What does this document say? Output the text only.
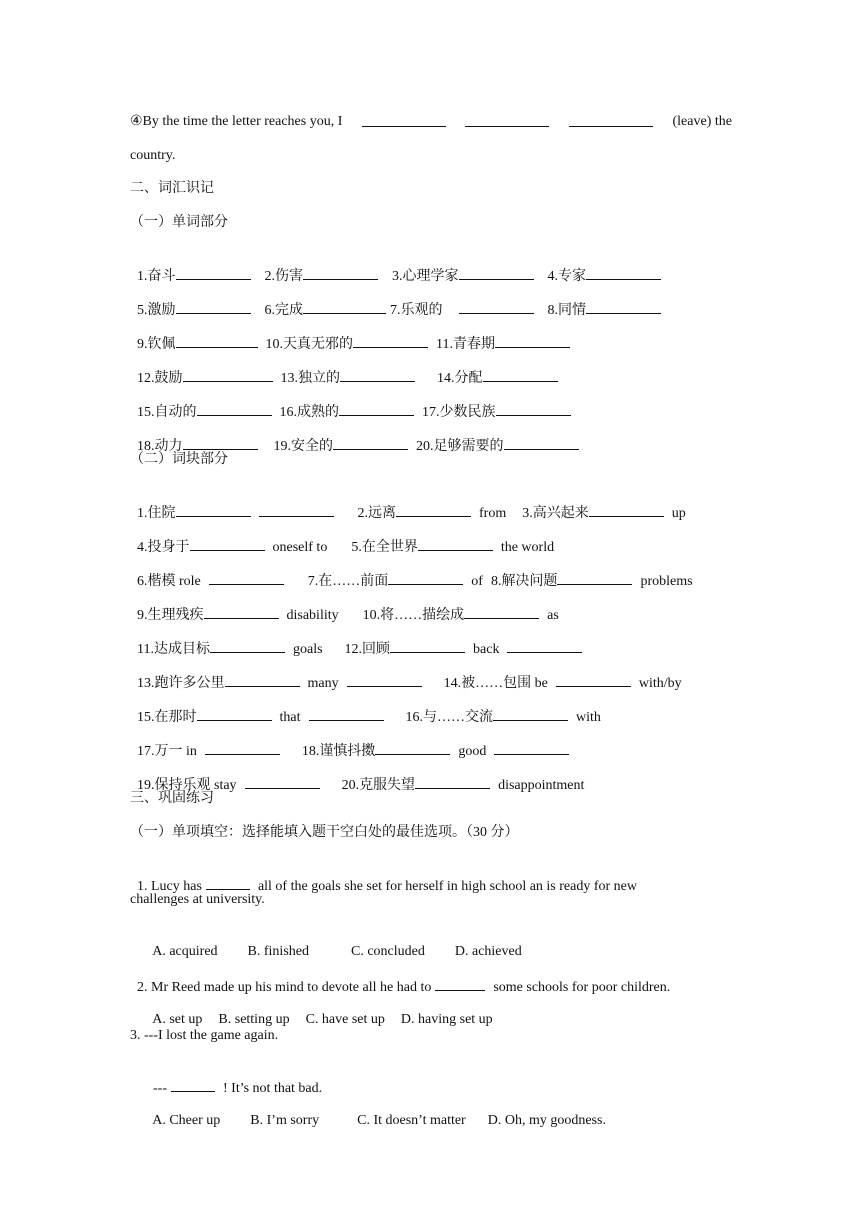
④By the time the letter reaches you, I	(leave) the
country.
二、词汇识记
（一）单词部分

1.奋斗	2.伤害	3.心理学家	4.专家

5.激励	6.完成	7.乐观的	8.同情

9.钦佩	10.天真无邪的	11.青春期

12.鼓励	13.独立的	14.分配

15.自动的	16.成熟的	17.少数民族

18.动力	19.安全的	20.足够需要的

（二）词块部分

1.住院	2.远离	from 3.高兴起来	up

4.投身于	oneself to 5.在全世界	the world

6.楷模 role	7.在……前面	of 8.解决问题	problems

9.生理残疾	disability 10.将……描绘成	as

11.达成目标	goals 12.回顾	back

13.跑许多公里	many	14.被……包围 be	with/by

15.在那时	that	16.与……交流	with

17.万一 in	18.谨慎抖擞	good

19.保持乐观 stay	20.克服失望	disappointment

三、巩固练习
（一）单项填空：选择能填入题干空白处的最佳选项。（30 分）

1. Lucy has	all of the goals she set for herself in high school an is ready for new

challenges at university.

A. acquired B. finished	C. concluded D. achieved

2. Mr Reed made up his mind to devote all he had to	some schools for poor children.

A. set up B. setting up C. have set up D. having set up

3. ---I lost the game again.

---	! It’s not that bad.

A. Cheer up B. I’m sorry	C. It doesn’t matter D. Oh, my goodness.
